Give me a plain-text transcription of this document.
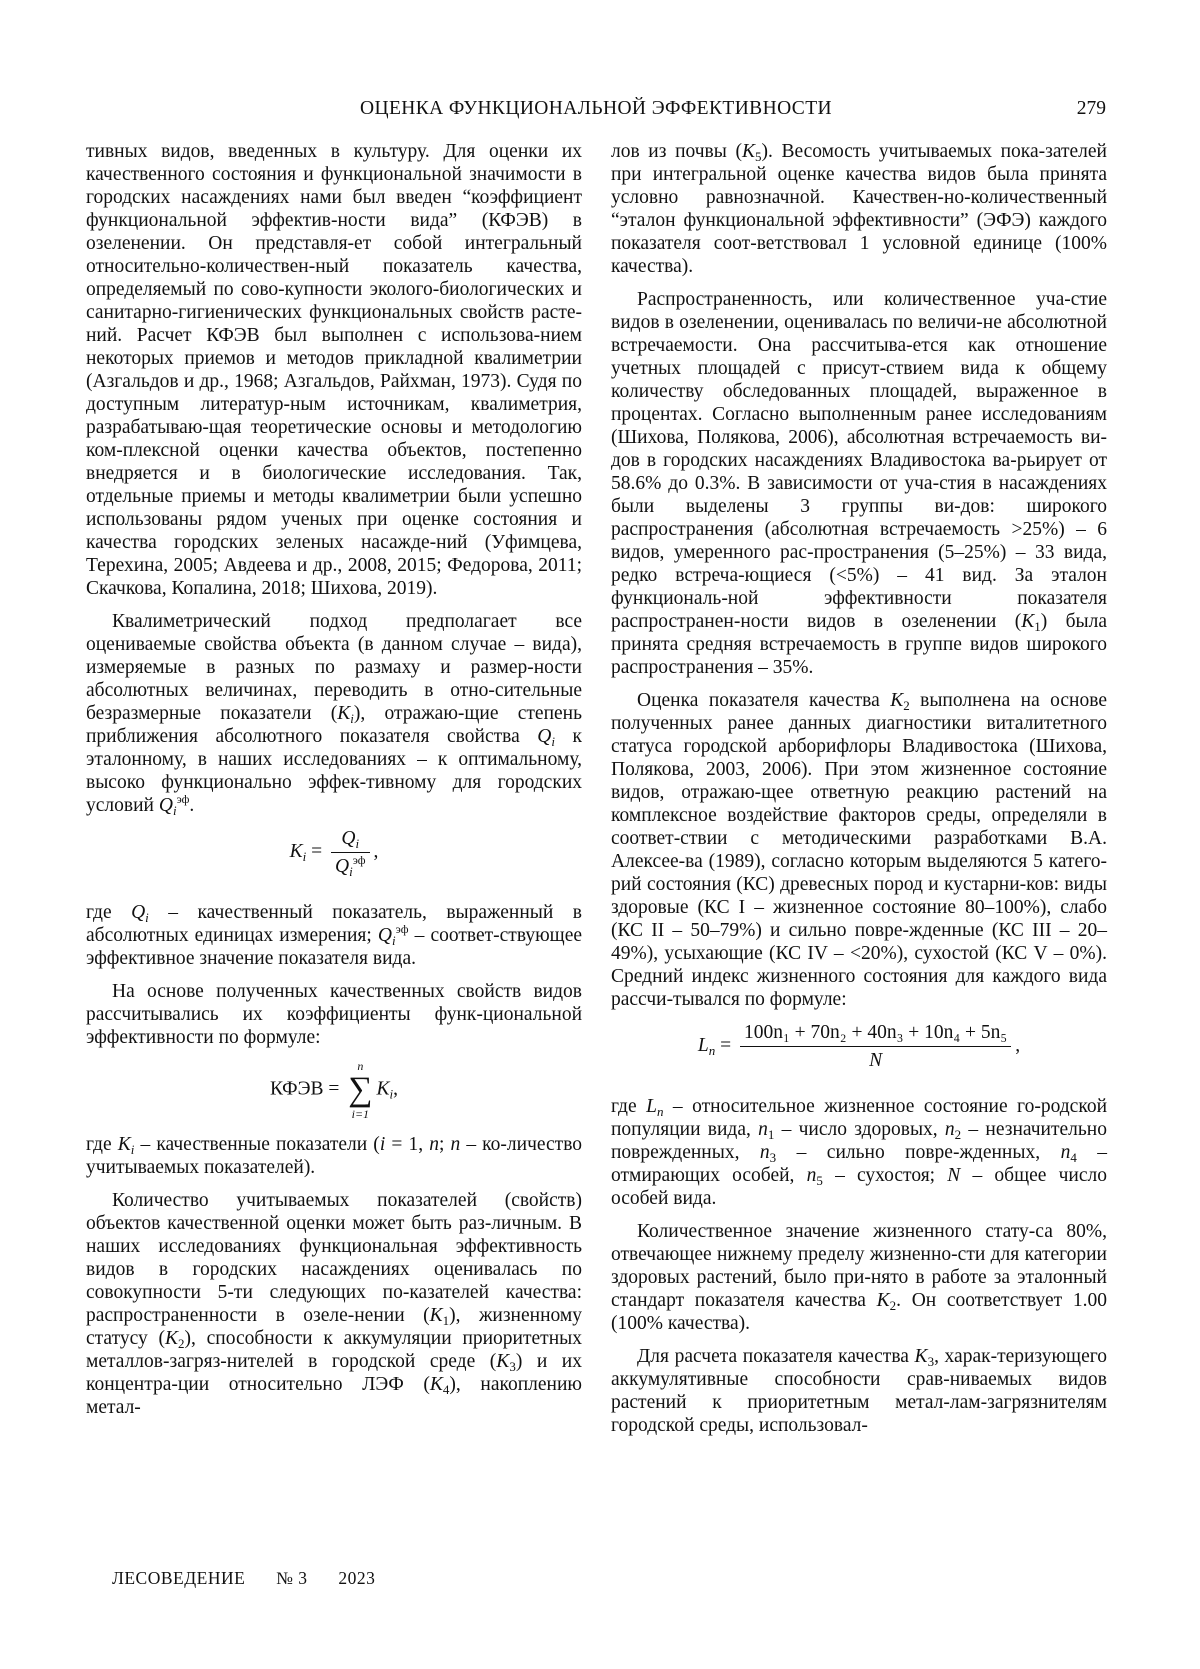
ОЦЕНКА ФУНКЦИОНАЛЬНОЙ ЭФФЕКТИВНОСТИ	279

тивных видов, введенных в культуру. Для оценки их качественного состояния и функциональной значимости в городских насаждениях нами был введен “коэффициент функциональной эффектив-ности вида” (КФЭВ) в озеленении. Он представля-ет собой интегральный относительно-количествен-ный показатель качества, определяемый по сово-купности эколого-биологических и санитарно-гигиенических функциональных свойств расте-ний. Расчет КФЭВ был выполнен с использова-нием некоторых приемов и методов прикладной квалиметрии (Азгальдов и др., 1968; Азгальдов, Райхман, 1973). Судя по доступным литератур-ным источникам, квалиметрия, разрабатываю-щая теоретические основы и методологию ком-плексной оценки качества объектов, постепенно внедряется и в биологические исследования. Так, отдельные приемы и методы квалиметрии были успешно использованы рядом ученых при оценке состояния и качества городских зеленых насажде-ний (Уфимцева, Терехина, 2005; Авдеева и др., 2008, 2015; Федорова, 2011; Скачкова, Копалина, 2018; Шихова, 2019).

Квалиметрический подход предполагает все оцениваемые свойства объекта (в данном случае – вида), измеряемые в разных по размаху и размер-ности абсолютных величинах, переводить в отно-сительные безразмерные показатели $(K_i)$, отражаю-щие степень приближения абсолютного показателя свойства $Q_i$ к эталонному, в наших исследованиях – к оптимальному, высоко функционально эффек-тивному для городских условий $Q_i^{эф}$.

$K_i = \frac{Q_i}{Q_i^{эф}}$ ,

где $Q_i$ – качественный показатель, выраженный в абсолютных единицах измерения; $Q_i^{эф}$ – соответ-ствующее эффективное значение показателя вида.

На основе полученных качественных свойств видов рассчитывались их коэффициенты функ-циональной эффективности по формуле:

КФЭВ =
n
∑
i=1
$K_i$,

где $K_i$ – качественные показатели (i = 1, n; n – ко-личество учитываемых показателей).

Количество учитываемых показателей (свойств) объектов качественной оценки может быть раз-личным. В наших исследованиях функциональная эффективность видов в городских насаждениях оценивалась по совокупности 5-ти следующих по-казателей качества: распространенности в озеле-нении $(K_1)$, жизненному статусу $(K_2)$, способности к аккумуляции приоритетных металлов-загряз-нителей в городской среде $(K_3)$ и их концентра-ции относительно ЛЭФ $(K_4)$, накоплению метал-

лов из почвы $(K_5)$. Весомость учитываемых пока-зателей при интегральной оценке качества видов была принята условно равнозначной. Качествен-но-количественный “эталон функциональной эффективности” (ЭФЭ) каждого показателя соот-ветствовал 1 условной единице (100% качества).

Распространенность, или количественное уча-стие видов в озеленении, оценивалась по величи-не абсолютной встречаемости. Она рассчитыва-ется как отношение учетных площадей с присут-ствием вида к общему количеству обследованных площадей, выраженное в процентах. Согласно выполненным ранее исследованиям (Шихова, Полякова, 2006), абсолютная встречаемость ви-дов в городских насаждениях Владивостока ва-рьирует от 58.6% до 0.3%. В зависимости от уча-стия в насаждениях были выделены 3 группы ви-дов: широкого распространения (абсолютная встречаемость >25%) – 6 видов, умеренного рас-пространения (5–25%) – 33 вида, редко встреча-ющиеся (<5%) – 41 вид. За эталон функциональ-ной эффективности показателя распространен-ности видов в озеленении $(K_1)$ была принята средняя встречаемость в группе видов широкого распространения – 35%.

Оценка показателя качества $K_2$ выполнена на основе полученных ранее данных диагностики виталитетного статуса городской арборифлоры Владивостока (Шихова, Полякова, 2003, 2006). При этом жизненное состояние видов, отражаю-щее ответную реакцию растений на комплексное воздействие факторов среды, определяли в соответ-ствии с методическими разработками В.А. Алексее-ва (1989), согласно которым выделяются 5 катего-рий состояния (КС) древесных пород и кустарни-ков: виды здоровые (КС I – жизненное состояние 80–100%), слабо (КС II – 50–79%) и сильно повре-жденные (КС III – 20–49%), усыхающие (КС IV – <20%), сухостой (КС V – 0%). Средний индекс жизненного состояния для каждого вида рассчи-тывался по формуле:

$L_n = \frac{\text{100n₁ + 70n₂ + 40n₃ + 10n₄ + 5n₅}}{N}$ ,

где $L_n$ – относительное жизненное состояние го-родской популяции вида, $n_1$ – число здоровых, $n_2$ – незначительно поврежденных, $n_3$ – сильно повре-жденных, $n_4$ – отмирающих особей, $n_5$ – сухостоя; N – общее число особей вида.

Количественное значение жизненного стату-са 80%, отвечающее нижнему пределу жизненно-сти для категории здоровых растений, было при-нято в работе за эталонный стандарт показателя качества $K_2$. Он соответствует 1.00 (100% качества).

Для расчета показателя качества $K_3$, харак-теризующего аккумулятивные способности срав-ниваемых видов растений к приоритетным метал-лам-загрязнителям городской среды, использовал-

ЛЕСОВЕДЕНИЕ № 3 2023
